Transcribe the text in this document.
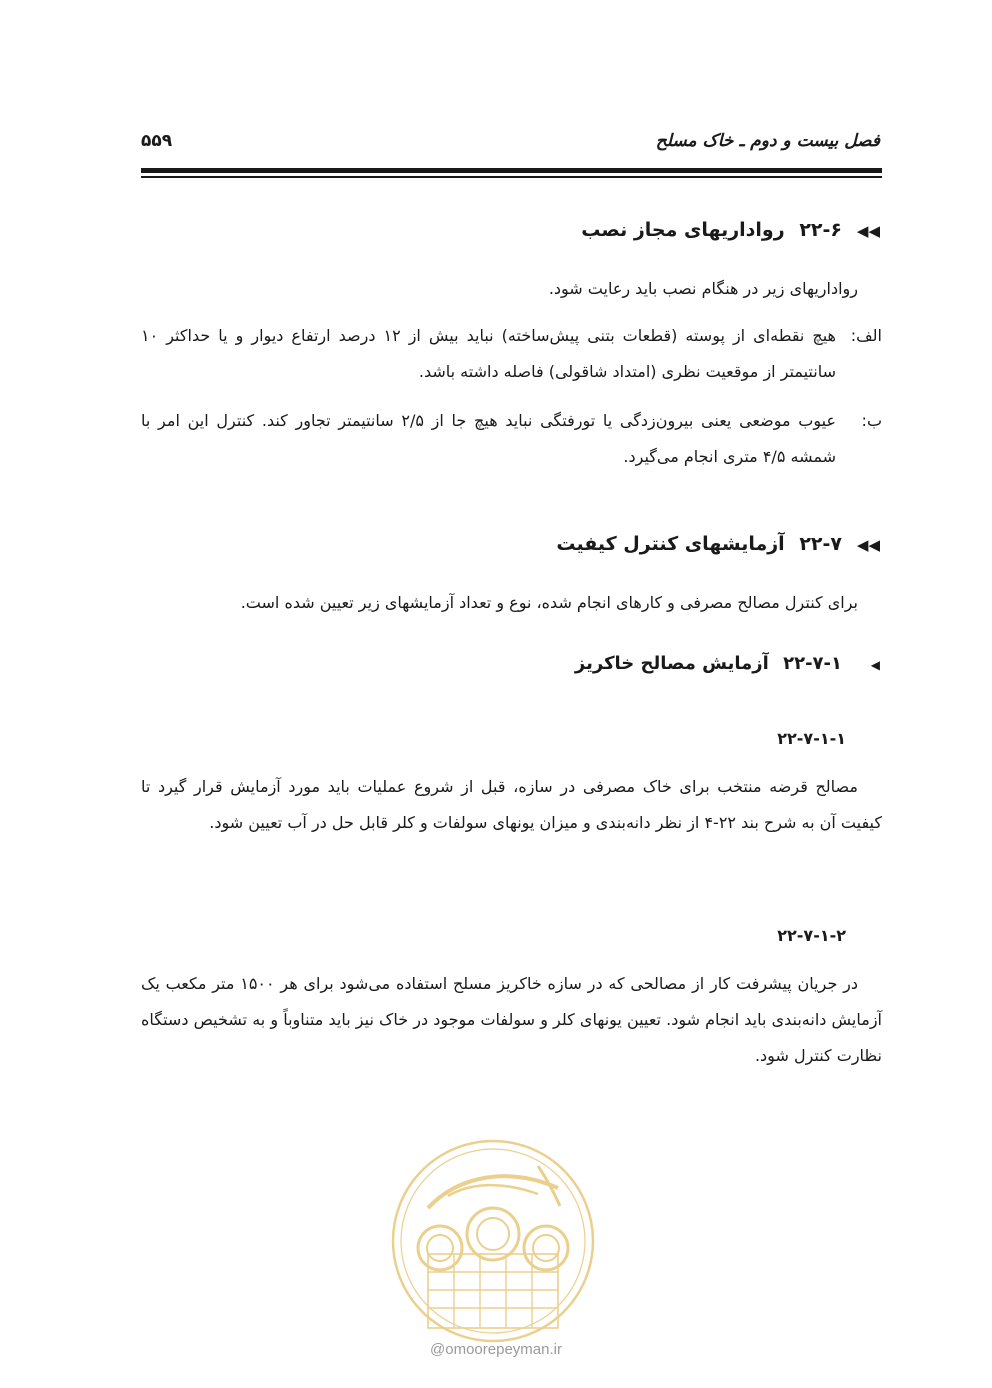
فصل بیست و دوم ـ خاک مسلح
۵۵۹
◀◀۲۲-۶ رواداریهای مجاز نصب
رواداریهای زیر در هنگام نصب باید رعایت شود.
الف:
هیچ نقطه‌ای از پوسته (قطعات بتنی پیش‌ساخته) نباید بیش از ۱۲ درصد ارتفاع دیوار و یا حداکثر ۱۰ سانتیمتر از موقعیت نظری (امتداد شاقولی) فاصله داشته باشد.
ب:
عیوب موضعی یعنی بیرون‌زدگی یا تورفتگی نباید هیچ جا از ۲/۵ سانتیمتر تجاور کند. کنترل این امر با شمشه ۴/۵ متری انجام می‌گیرد.
◀◀۲۲-۷ آزمایشهای کنترل کیفیت
برای کنترل مصالح مصرفی و کارهای انجام شده، نوع و تعداد آزمایشهای زیر تعیین شده است.
◀۲۲-۷-۱ آزمایش مصالح خاکریز
۲۲-۷-۱-۱
مصالح قرضه منتخب برای خاک مصرفی در سازه، قبل از شروع عملیات باید مورد آزمایش قرار گیرد تا کیفیت آن به شرح بند ۲۲-۴ از نظر دانه‌بندی و میزان یونهای سولفات و کلر قابل حل در آب تعیین شود.
۲۲-۷-۱-۲
در جریان پیشرفت کار از مصالحی که در سازه خاکریز مسلح استفاده می‌شود برای هر ۱۵۰۰ متر مکعب یک آزمایش دانه‌بندی باید انجام شود. تعیین یونهای کلر و سولفات موجود در خاک نیز باید متناوباً و به تشخیص دستگاه نظارت کنترل شود.
@omoorepeyman.ir
